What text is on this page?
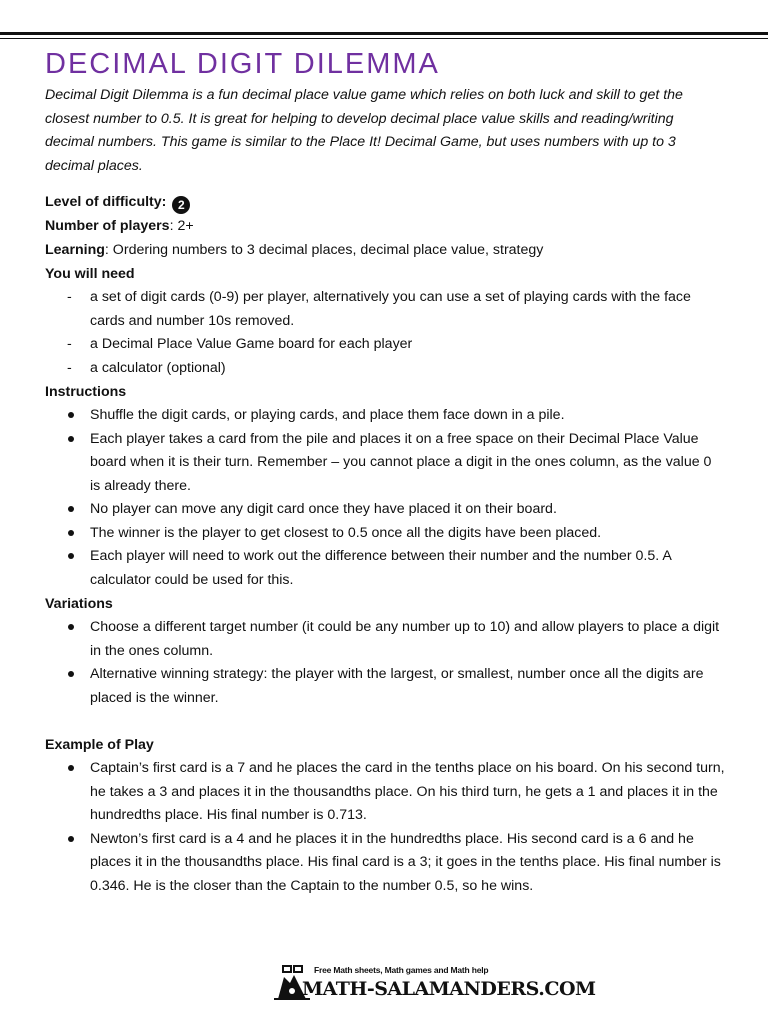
DECIMAL DIGIT DILEMMA

Decimal Digit Dilemma is a fun decimal place value game which relies on both luck and skill to get the closest number to 0.5. It is great for helping to develop decimal place value skills and reading/writing decimal numbers. This game is similar to the Place It! Decimal Game, but uses numbers with up to 3 decimal places.

Level of difficulty: 2

Number of players: 2+

Learning: Ordering numbers to 3 decimal places, decimal place value, strategy

You will need

- a set of digit cards (0-9) per player, alternatively you can use a set of playing cards with the face cards and number 10s removed.
- a Decimal Place Value Game board for each player
- a calculator (optional)

Instructions

Shuffle the digit cards, or playing cards, and place them face down in a pile.
Each player takes a card from the pile and places it on a free space on their Decimal Place Value board when it is their turn. Remember – you cannot place a digit in the ones column, as the value 0 is already there.
No player can move any digit card once they have placed it on their board.
The winner is the player to get closest to 0.5 once all the digits have been placed.
Each player will need to work out the difference between their number and the number 0.5. A calculator could be used for this.

Variations

Choose a different target number (it could be any number up to 10) and allow players to place a digit in the ones column.
Alternative winning strategy: the player with the largest, or smallest, number once all the digits are placed is the winner.

Example of Play

Captain’s first card is a 7 and he places the card in the tenths place on his board. On his second turn, he takes a 3 and places it in the thousandths place. On his third turn, he gets a 1 and places it in the hundredths place. His final number is 0.713.
Newton’s first card is a 4 and he places it in the hundredths place. His second card is a 6 and he places it in the thousandths place. His final card is a 3; it goes in the tenths place. His final number is 0.346. He is the closer than the Captain to the number 0.5, so he wins.
Free Math sheets, Math games and Math help
MATH-SALAMANDERS.COM
